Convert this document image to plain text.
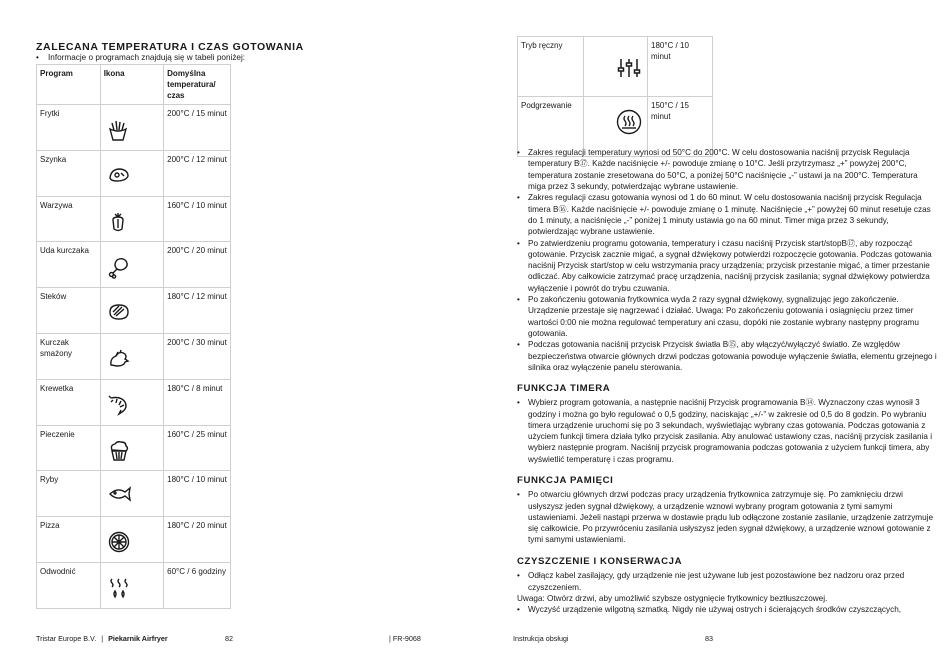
ZALECANA TEMPERATURA I CZAS GOTOWANIA
• Informacje o programach znajdują się w tabeli poniżej:
Program	Ikona	Domyślna temperatura/ czas
Frytki		200°C / 15 minut
Szynka		200°C / 12 minut
Warzywa		160°C / 10 minut
Uda kurczaka		200°C / 20 minut
Steków		180°C / 12 minut
Kurczak smażony		200°C / 30 minut
Krewetka		180°C / 8 minut
Pieczenie		160°C / 25 minut
Ryby		180°C / 10 minut
Pizza		180°C / 20 minut
Odwodnić		60°C / 6 godziny
Tristar Europe B.V. | Piekarnik Airfryer	82	| FR-9068
Tryb ręczny		180°C / 10 minut
Podgrzewanie		150°C / 15 minut
• Zakres regulacji temperatury wynosi od 50°C do 200°C. W celu dostosowania naciśnij przycisk Regulacja temperatury B⑰. Każde naciśnięcie +/- powoduje zmianę o 10°C. Jeśli przytrzymasz „+” powyżej 200°C, temperatura zostanie zresetowana do 50°C, a poniżej 50°C naciśnięcie „-” ustawi ja na 200°C. Temperatura miga przez 3 sekundy, potwierdzając wybrane ustawienie.
• Zakres regulacji czasu gotowania wynosi od 1 do 60 minut. W celu dostosowania naciśnij przycisk Regulacja timera B⑯. Każde naciśnięcie +/- powoduje zmianę o 1 minutę. Naciśnięcie „+” powyżej 60 minut resetuje czas do 1 minuty, a naciśnięcie „-” poniżej 1 minuty ustawia go na 60 minut. Timer miga przez 3 sekundy, potwierdzając wybrane ustawienie.
• Po zatwierdzeniu programu gotowania, temperatury i czasu naciśnij Przycisk start/stopB⑰, aby rozpocząć gotowanie. Przycisk zacznie migać, a sygnał dźwiękowy potwierdzi rozpoczęcie gotowania. Podczas gotowania naciśnij Przycisk start/stop w celu wstrzymania pracy urządzenia; przycisk przestanie migać, a timer przestanie odliczać. Aby całkowicie zatrzymać pracę urządzenia, naciśnij przycisk zasilania; sygnał dźwiękowy potwierdza wyłączenie i powrót do trybu czuwania.
• Po zakończeniu gotowania frytkownica wyda 2 razy sygnał dźwiękowy, sygnalizując jego zakończenie. Urządzenie przestaje się nagrzewać i działać. Uwaga: Po zakończeniu gotowania i osiągnięciu przez timer wartości 0:00 nie można regulować temperatury ani czasu, dopóki nie zostanie wybrany następny programu gotowania.
• Podczas gotowania naciśnij przycisk Przycisk światła B⑮, aby włączyć/wyłączyć światło. Ze względów bezpieczeństwa otwarcie głównych drzwi podczas gotowania powoduje wyłączenie światła, elementu grzejnego i silnika oraz wyłączenie panelu sterowania.
FUNKCJA TIMERA
• Wybierz program gotowania, a następnie naciśnij Przycisk programowania B⑭. Wyznaczony czas wynosił 3 godziny i można go było regulować o 0,5 godziny, naciskając „+/-” w zakresie od 0,5 do 8 godzin. Po wybraniu timera urządzenie uruchomi się po 3 sekundach, wyświetlając wybrany czas gotowania. Podczas gotowania z użyciem funkcji timera działa tylko przycisk zasilania. Aby anulować ustawiony czas, naciśnij przycisk zasilania i wybierz następnie program. Naciśnij przycisk programowania podczas gotowania z użyciem funkcji timera, aby wyświetlić temperaturę i czas programu.
FUNKCJA PAMIĘCI
• Po otwarciu głównych drzwi podczas pracy urządzenia frytkownica zatrzymuje się. Po zamknięciu drzwi usłyszysz jeden sygnał dźwiękowy, a urządzenie wznowi wybrany program gotowania z tymi samymi ustawieniami. Jeżeli nastąpi przerwa w dostawie prądu lub odłączone zostanie zasilanie, urządzenie zatrzymuje się całkowicie. Po przywróceniu zasilania usłyszysz jeden sygnał dźwiękowy, a urządzenie wznowi gotowanie z tymi samymi ustawieniami.
CZYSZCZENIE I KONSERWACJA
• Odłącz kabel zasilający, gdy urządzenie nie jest używane lub jest pozostawione bez nadzoru oraz przed czyszczeniem.
Uwaga: Otwórz drzwi, aby umożliwić szybsze ostygnięcie frytkownicy beztłuszczowej.
• Wyczyść urządzenie wilgotną szmatką. Nigdy nie używaj ostrych i ścierających środków czyszczących,
Instrukcja obsługi	83
